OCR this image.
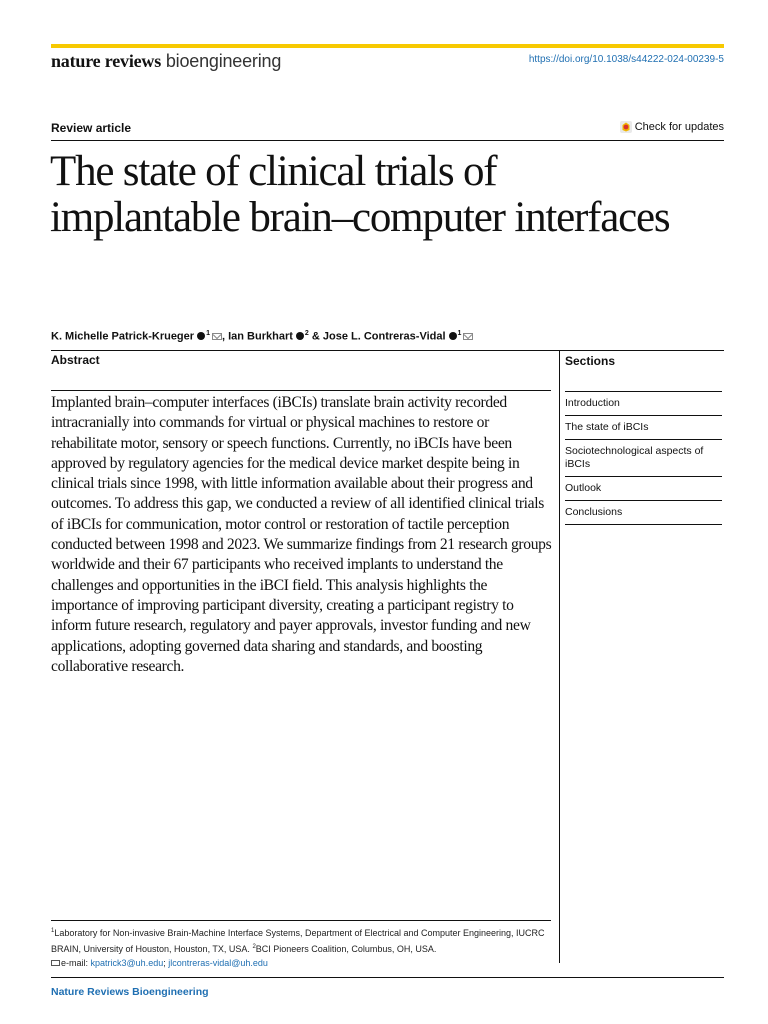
nature reviews bioengineering	https://doi.org/10.1038/s44222-024-00239-5
Review article	Check for updates
The state of clinical trials of implantable brain–computer interfaces
K. Michelle Patrick-Krueger $^1$ , Ian Burkhart $^2$ & Jose L. Contreras-Vidal $^1$
Abstract

Implanted brain–computer interfaces (iBCIs) translate brain activity recorded intracranially into commands for virtual or physical machines to restore or rehabilitate motor, sensory or speech functions. Currently, no iBCIs have been approved by regulatory agencies for the medical device market despite being in clinical trials since 1998, with little information available about their progress and outcomes. To address this gap, we conducted a review of all identified clinical trials of iBCIs for communication, motor control or restoration of tactile perception conducted between 1998 and 2023. We summarize findings from 21 research groups worldwide and their 67 participants who received implants to understand the challenges and opportunities in the iBCI field. This analysis highlights the importance of improving participant diversity, creating a participant registry to inform future research, regulatory and payer approvals, investor funding and new applications, adopting governed data sharing and standards, and boosting collaborative research.

Sections
Introduction
The state of iBCIs
Sociotechnological aspects of iBCIs
Outlook
Conclusions
$^1$Laboratory for Non-invasive Brain-Machine Interface Systems, Department of Electrical and Computer Engineering, IUCRC BRAIN, University of Houston, Houston, TX, USA. $^2$BCI Pioneers Coalition, Columbus, OH, USA.
e-mail: kpatrick3@uh.edu; jlcontreras-vidal@uh.edu
Nature Reviews Bioengineering
